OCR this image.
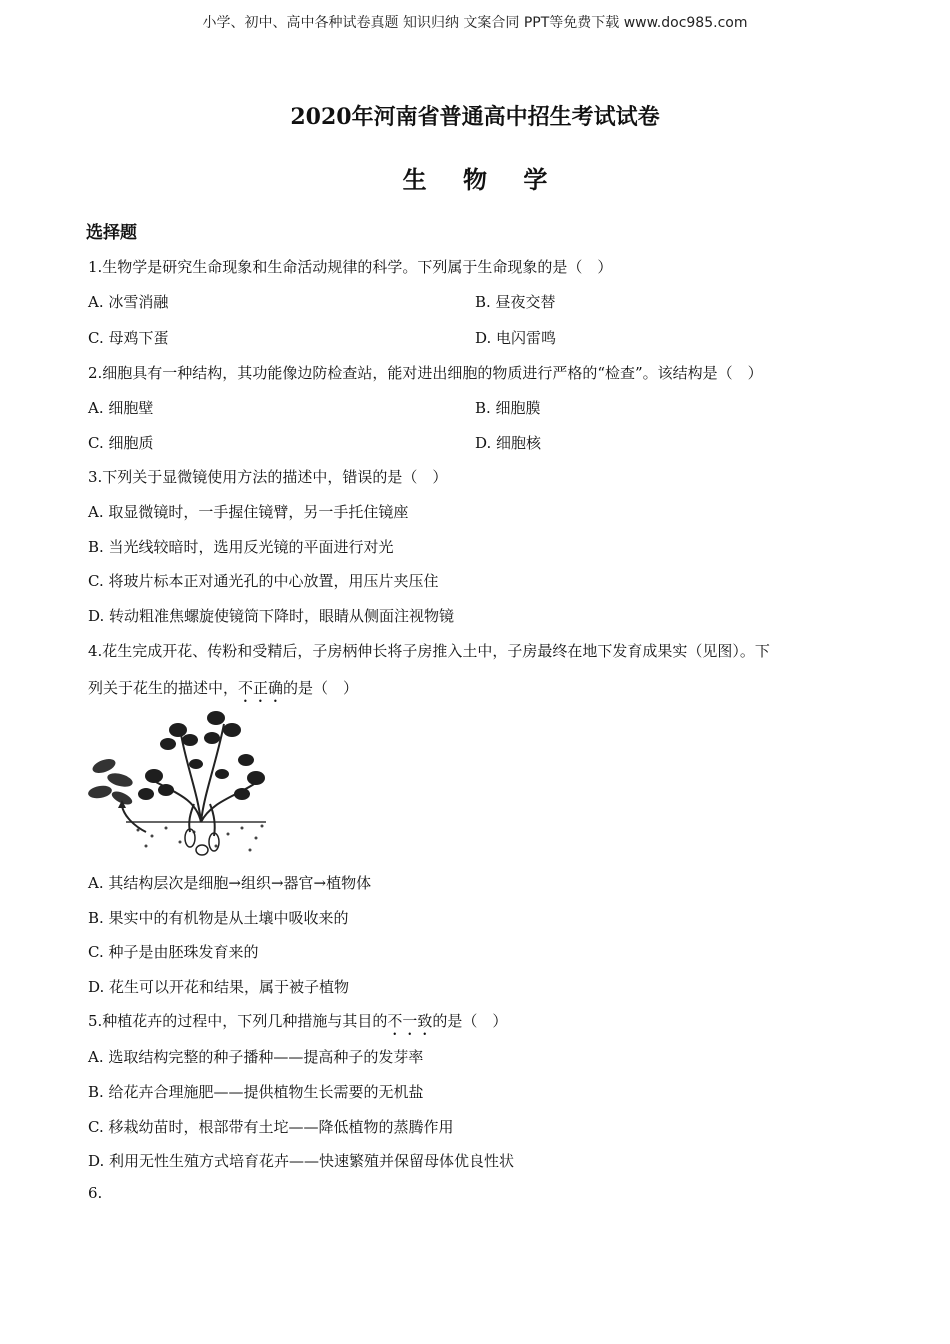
小学、初中、高中各种试卷真题 知识归纳 文案合同 PPT等免费下载 www.doc985.com
2020年河南省普通高中招生考试试卷
生 物 学
选择题
1.生物学是研究生命现象和生命活动规律的科学。下列属于生命现象的是（　）
A. 冰雪消融	B. 昼夜交替
C. 母鸡下蛋	D. 电闪雷鸣
2.细胞具有一种结构，其功能像边防检查站，能对进出细胞的物质进行严格的“检查”。该结构是（　）
A. 细胞壁	B. 细胞膜
C. 细胞质	D. 细胞核
3.下列关于显微镜使用方法的描述中，错误的是（　）
A. 取显微镜时，一手握住镜臂，另一手托住镜座
B. 当光线较暗时，选用反光镜的平面进行对光
C. 将玻片标本正对通光孔的中心放置，用压片夹压住
D. 转动粗准焦螺旋使镜筒下降时，眼睛从侧面注视物镜
4.花生完成开花、传粉和受精后，子房柄伸长将子房推入土中，子房最终在地下发育成果实（见图）。下
列关于花生的描述中，不正确的是（　）
A. 其结构层次是细胞→组织→器官→植物体
B. 果实中的有机物是从土壤中吸收来的
C. 种子是由胚珠发育来的
D. 花生可以开花和结果，属于被子植物
5.种植花卉的过程中，下列几种措施与其目的不一致的是（　）
A. 选取结构完整的种子播种——提高种子的发芽率
B. 给花卉合理施肥——提供植物生长需要的无机盐
C. 移栽幼苗时，根部带有土坨——降低植物的蒸腾作用
D. 利用无性生殖方式培育花卉——快速繁殖并保留母体优良性状
6.
